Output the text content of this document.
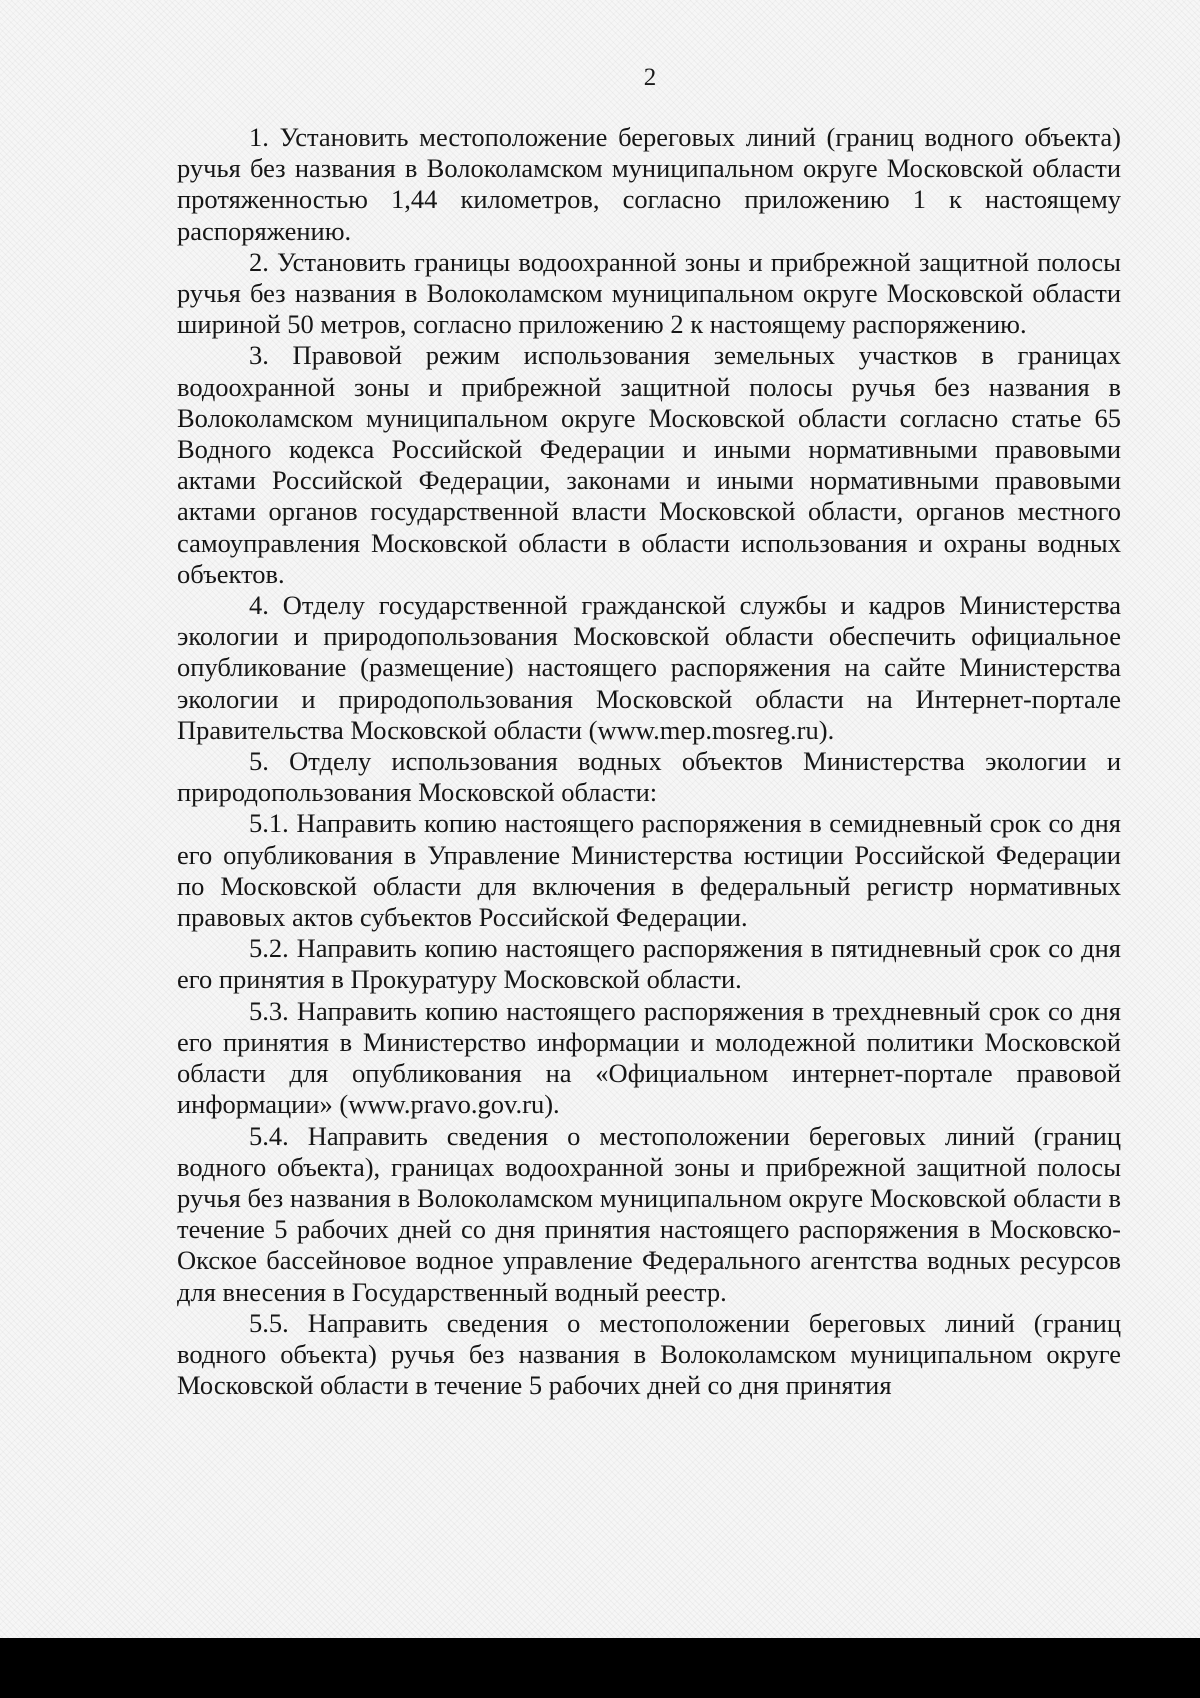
2

1. Установить местоположение береговых линий (границ водного объекта) ручья без названия в Волоколамском муниципальном округе Московской области протяженностью 1,44 километров, согласно приложению 1 к настоящему распоряжению.

2. Установить границы водоохранной зоны и прибрежной защитной полосы ручья без названия в Волоколамском муниципальном округе Московской области шириной 50 метров, согласно приложению 2 к настоящему распоряжению.

3. Правовой режим использования земельных участков в границах водоохранной зоны и прибрежной защитной полосы ручья без названия в Волоколамском муниципальном округе Московской области согласно статье 65 Водного кодекса Российской Федерации и иными нормативными правовыми актами Российской Федерации, законами и иными нормативными правовыми актами органов государственной власти Московской области, органов местного самоуправления Московской области в области использования и охраны водных объектов.

4. Отделу государственной гражданской службы и кадров Министерства экологии и природопользования Московской области обеспечить официальное опубликование (размещение) настоящего распоряжения на сайте Министерства экологии и природопользования Московской области на Интернет-портале Правительства Московской области (www.mep.mosreg.ru).

5. Отделу использования водных объектов Министерства экологии и природопользования Московской области:

5.1. Направить копию настоящего распоряжения в семидневный срок со дня его опубликования в Управление Министерства юстиции Российской Федерации по Московской области для включения в федеральный регистр нормативных правовых актов субъектов Российской Федерации.

5.2. Направить копию настоящего распоряжения в пятидневный срок со дня его принятия в Прокуратуру Московской области.

5.3. Направить копию настоящего распоряжения в трехдневный срок со дня его принятия в Министерство информации и молодежной политики Московской области для опубликования на «Официальном интернет-портале правовой информации» (www.pravo.gov.ru).

5.4. Направить сведения о местоположении береговых линий (границ водного объекта), границах водоохранной зоны и прибрежной защитной полосы ручья без названия в Волоколамском муниципальном округе Московской области в течение 5 рабочих дней со дня принятия настоящего распоряжения в Московско-Окское бассейновое водное управление Федерального агентства водных ресурсов для внесения в Государственный водный реестр.

5.5. Направить сведения о местоположении береговых линий (границ водного объекта) ручья без названия в Волоколамском муниципальном округе Московской области в течение 5 рабочих дней со дня принятия
